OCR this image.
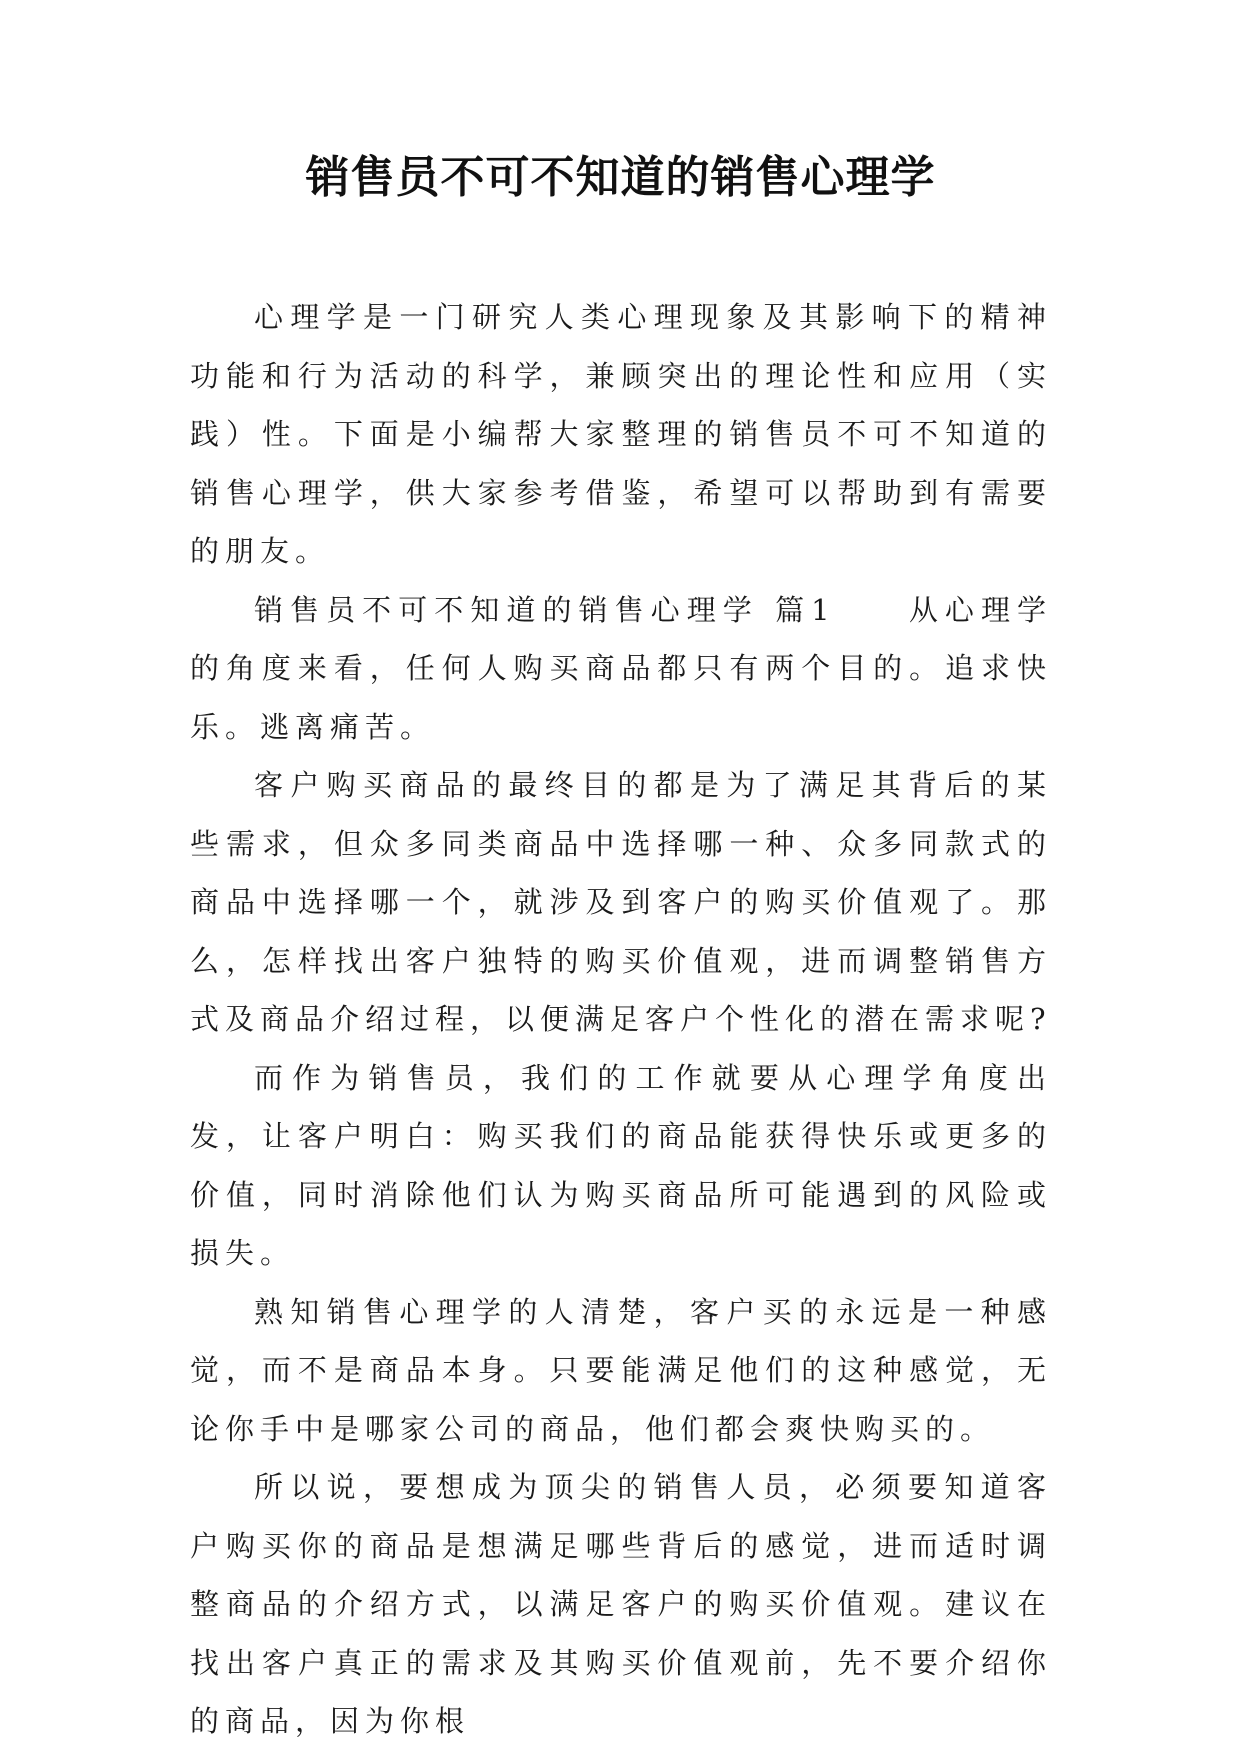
销售员不可不知道的销售心理学

心理学是一门研究人类心理现象及其影响下的精神功能和行为活动的科学，兼顾突出的理论性和应用（实践）性。下面是小编帮大家整理的销售员不可不知道的销售心理学，供大家参考借鉴，希望可以帮助到有需要的朋友。

销售员不可不知道的销售心理学 篇1　　从心理学的角度来看，任何人购买商品都只有两个目的。追求快乐。逃离痛苦。

客户购买商品的最终目的都是为了满足其背后的某些需求，但众多同类商品中选择哪一种、众多同款式的商品中选择哪一个，就涉及到客户的购买价值观了。那么，怎样找出客户独特的购买价值观，进而调整销售方式及商品介绍过程，以便满足客户个性化的潜在需求呢?

而作为销售员，我们的工作就要从心理学角度出发，让客户明白：购买我们的商品能获得快乐或更多的价值，同时消除他们认为购买商品所可能遇到的风险或损失。

熟知销售心理学的人清楚，客户买的永远是一种感觉，而不是商品本身。只要能满足他们的这种感觉，无论你手中是哪家公司的商品，他们都会爽快购买的。

所以说，要想成为顶尖的销售人员，必须要知道客户购买你的商品是想满足哪些背后的感觉，进而适时调整商品的介绍方式，以满足客户的购买价值观。建议在找出客户真正的需求及其购买价值观前，先不要介绍你的商品，因为你根
